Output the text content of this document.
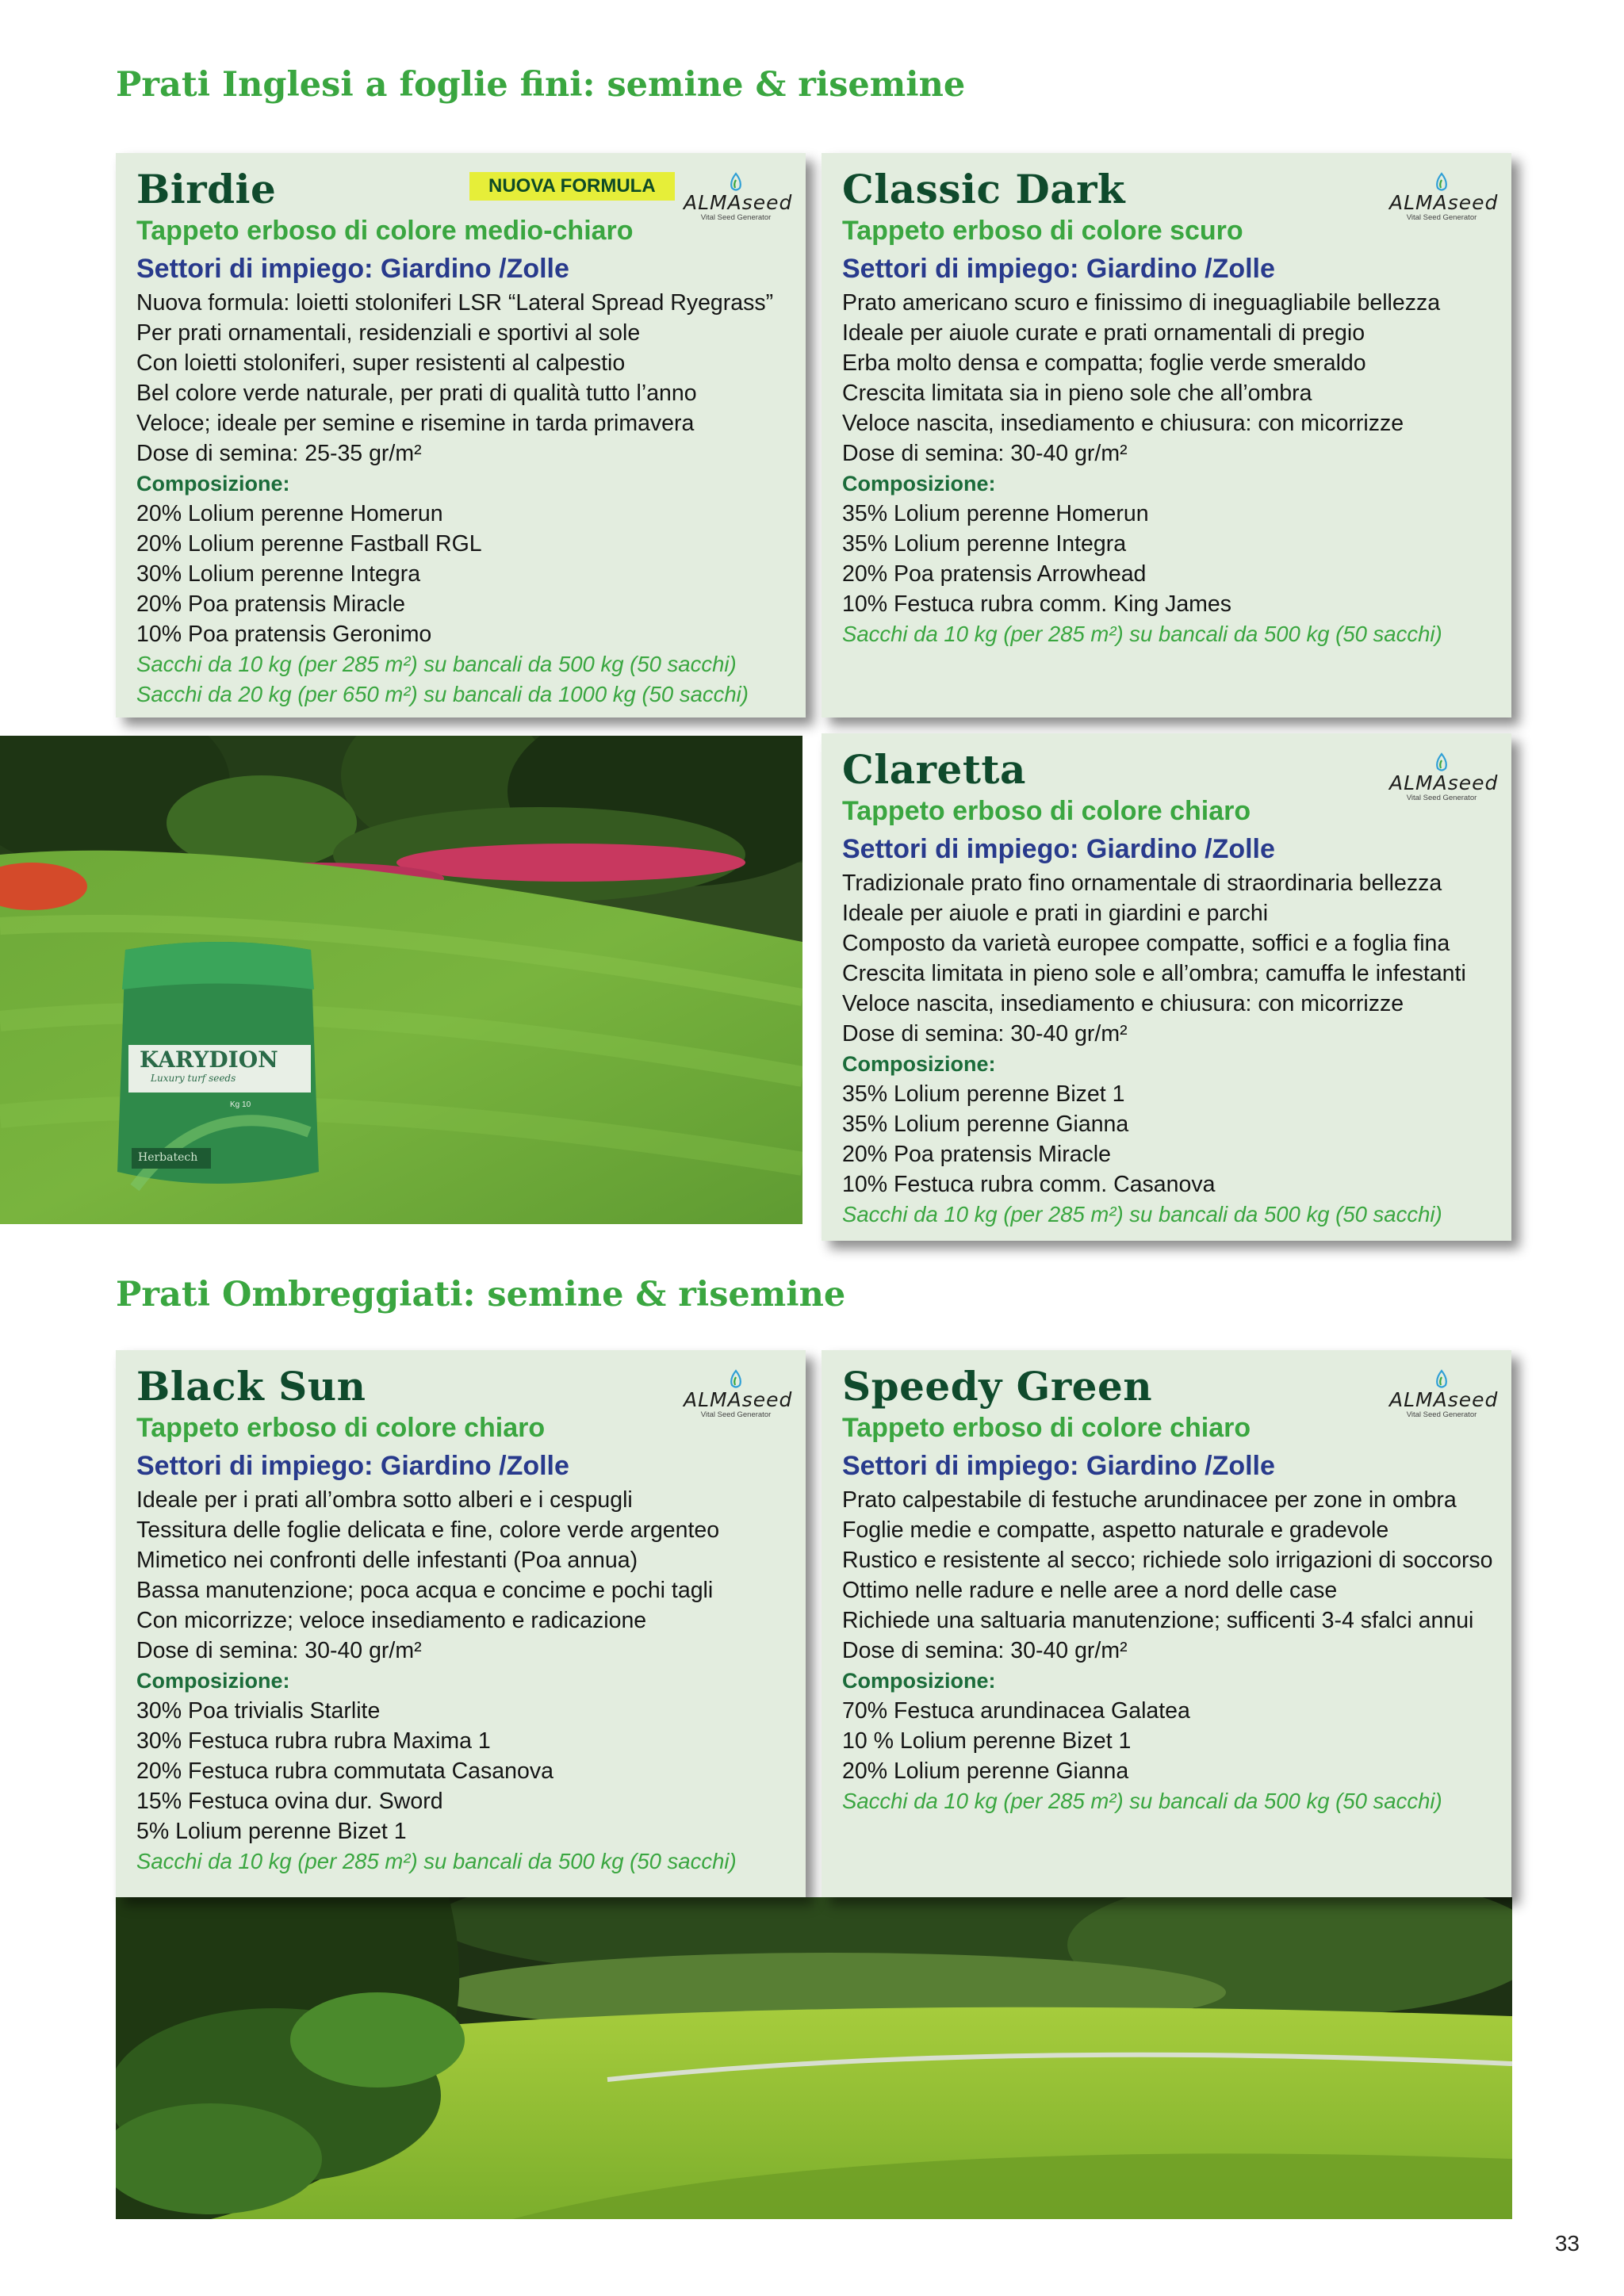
Prati Inglesi a foglie fini: semine & risemine
Prati Ombreggiati: semine & risemine
KARYDION
Luxury turf seeds
Kg 10
Herbatech
Birdie	NUOVA FORMULA
ALMAseed
Vital Seed Generator
Tappeto erboso di colore medio-chiaro
Settori di impiego: Giardino /Zolle
Nuova formula: loietti stoloniferi LSR “Lateral Spread Ryegrass”
Per prati ornamentali, residenziali e sportivi al sole
Con loietti stoloniferi, super resistenti al calpestio
Bel colore verde naturale, per prati di qualità tutto l’anno
Veloce; ideale per semine e risemine in tarda primavera
Dose di semina: 25-35 gr/m²
Composizione:
20% Lolium perenne Homerun
20% Lolium perenne Fastball RGL
30% Lolium perenne Integra
20% Poa pratensis Miracle
10% Poa pratensis Geronimo
Sacchi da 10 kg (per 285 m²) su bancali da 500 kg (50 sacchi)
Sacchi da 20 kg (per 650 m²) su bancali da 1000 kg (50 sacchi)
Classic Dark	ALMAseed
Vital Seed Generator
Tappeto erboso di colore scuro
Settori di impiego: Giardino /Zolle
Prato americano scuro e finissimo di ineguagliabile bellezza
Ideale per aiuole curate e prati ornamentali di pregio
Erba molto densa e compatta; foglie verde smeraldo
Crescita limitata sia in pieno sole che all’ombra
Veloce nascita, insediamento e chiusura: con micorrizze
Dose di semina: 30-40 gr/m²
Composizione:
35% Lolium perenne Homerun
35% Lolium perenne Integra
20% Poa pratensis Arrowhead
10% Festuca rubra comm. King James
Sacchi da 10 kg (per 285 m²) su bancali da 500 kg (50 sacchi)
Claretta	ALMAseed
Vital Seed Generator
Tappeto erboso di colore chiaro
Settori di impiego: Giardino /Zolle
Tradizionale prato fino ornamentale di straordinaria bellezza
Ideale per aiuole e prati in giardini e parchi
Composto da varietà europee compatte, soffici e a foglia fina
Crescita limitata in pieno sole e all’ombra; camuffa le infestanti
Veloce nascita, insediamento e chiusura: con micorrizze
Dose di semina: 30-40 gr/m²
Composizione:
35% Lolium perenne Bizet 1
35% Lolium perenne Gianna
20% Poa pratensis Miracle
10% Festuca rubra comm. Casanova
Sacchi da 10 kg (per 285 m²) su bancali da 500 kg (50 sacchi)
Black Sun	ALMAseed
Vital Seed Generator
Tappeto erboso di colore chiaro
Settori di impiego: Giardino /Zolle
Ideale per i prati all’ombra sotto alberi e i cespugli
Tessitura delle foglie delicata e fine, colore verde argenteo
Mimetico nei confronti delle infestanti (Poa annua)
Bassa manutenzione; poca acqua e concime e pochi tagli
Con micorrizze; veloce insediamento e radicazione
Dose di semina: 30-40 gr/m²
Composizione:
30% Poa trivialis Starlite
30% Festuca rubra rubra Maxima 1
20% Festuca rubra commutata Casanova
15% Festuca ovina dur. Sword
5% Lolium perenne Bizet 1
Sacchi da 10 kg (per 285 m²) su bancali da 500 kg (50 sacchi)
Speedy Green	ALMAseed
Vital Seed Generator
Tappeto erboso di colore chiaro
Settori di impiego: Giardino /Zolle
Prato calpestabile di festuche arundinacee per zone in ombra
Foglie medie e compatte, aspetto naturale e gradevole
Rustico e resistente al secco; richiede solo irrigazioni di soccorso
Ottimo nelle radure e nelle aree a nord delle case
Richiede una saltuaria manutenzione; sufficenti 3-4 sfalci annui
Dose di semina: 30-40 gr/m²
Composizione:
70% Festuca arundinacea Galatea
10 % Lolium perenne Bizet 1
20% Lolium perenne Gianna
Sacchi da 10 kg (per 285 m²) su bancali da 500 kg (50 sacchi)
33
